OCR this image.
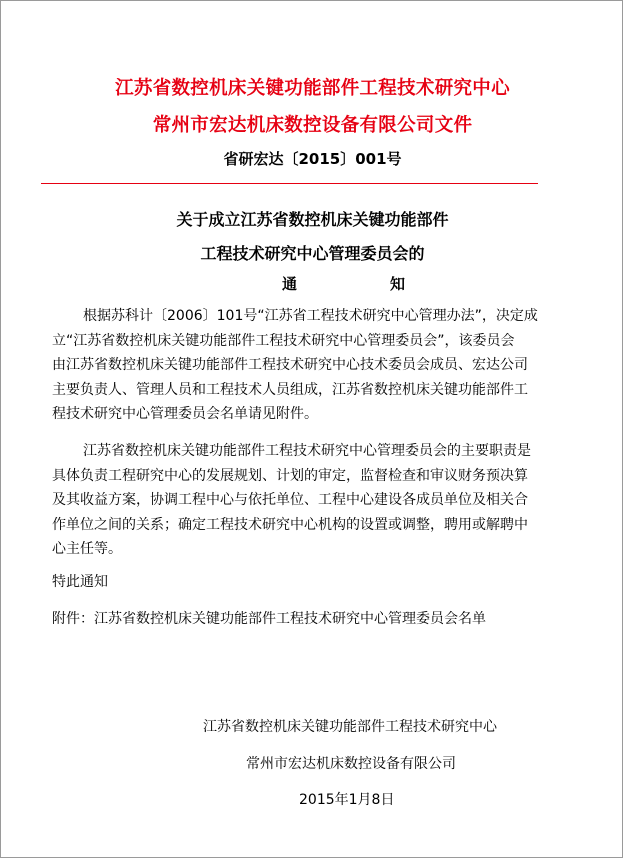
江苏省数控机床关键功能部件工程技术研究中心
常州市宏达机床数控设备有限公司文件
省研宏达〔2015〕001号
关于成立江苏省数控机床关键功能部件
工程技术研究中心管理委员会的
通	知
根据苏科计〔2006〕101号“江苏省工程技术研究中心管理办法”，决定成
立“江苏省数控机床关键功能部件工程技术研究中心管理委员会”，该委员会
由江苏省数控机床关键功能部件工程技术研究中心技术委员会成员、宏达公司
主要负责人、管理人员和工程技术人员组成，江苏省数控机床关键功能部件工
程技术研究中心管理委员会名单请见附件。
江苏省数控机床关键功能部件工程技术研究中心管理委员会的主要职责是
具体负责工程研究中心的发展规划、计划的审定，监督检查和审议财务预决算
及其收益方案，协调工程中心与依托单位、工程中心建设各成员单位及相关合
作单位之间的关系；确定工程技术研究中心机构的设置或调整，聘用或解聘中
心主任等。
特此通知
附件：江苏省数控机床关键功能部件工程技术研究中心管理委员会名单
江苏省数控机床关键功能部件工程技术研究中心
常州市宏达机床数控设备有限公司
2015年1月8日
